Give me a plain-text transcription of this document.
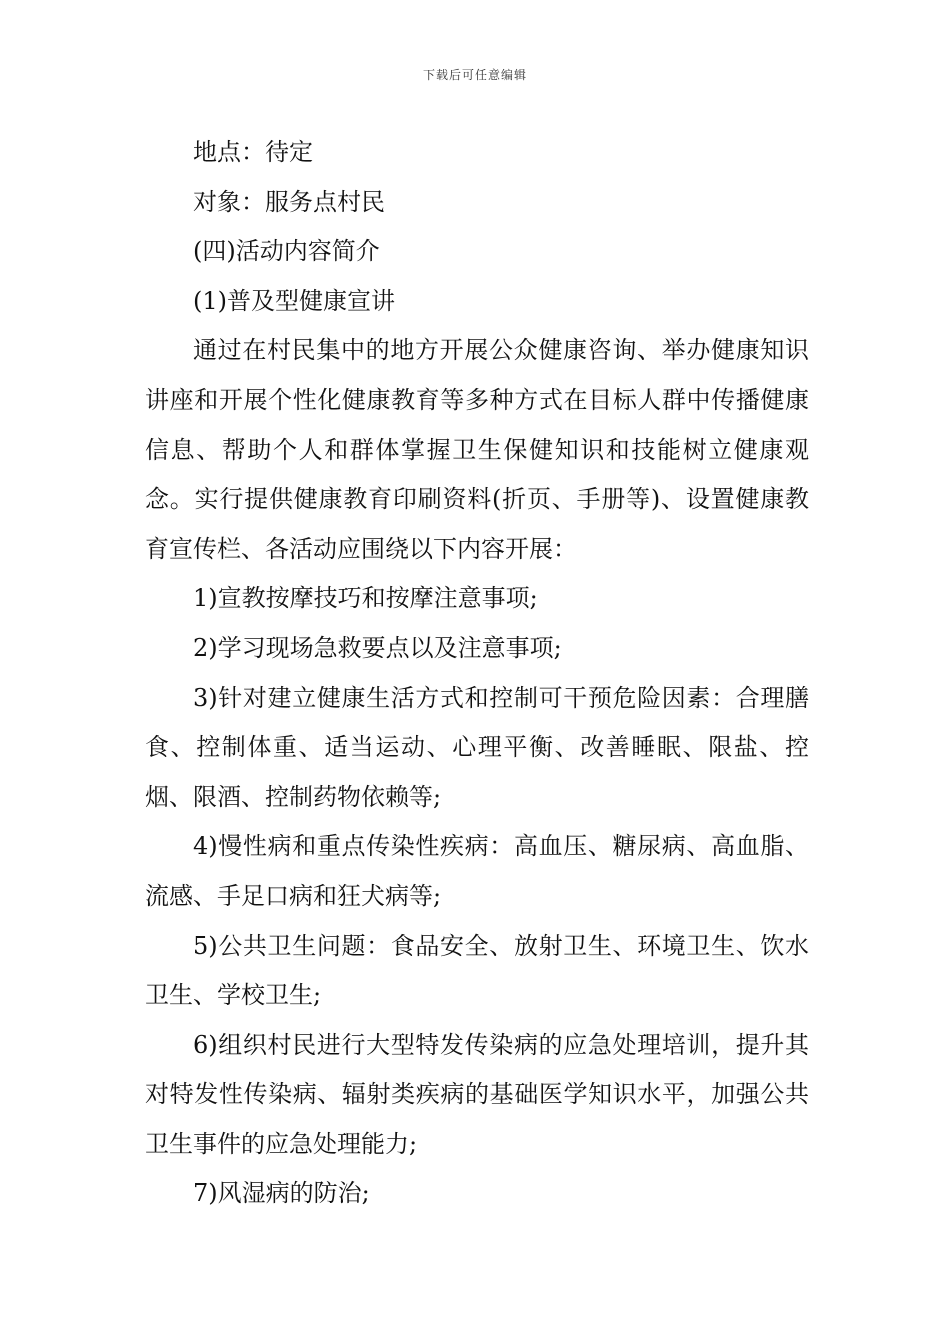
下载后可任意编辑

地点：待定

对象：服务点村民

(四)活动内容简介

(1)普及型健康宣讲

通过在村民集中的地方开展公众健康咨询、举办健康知识讲座和开展个性化健康教育等多种方式在目标人群中传播健康信息、帮助个人和群体掌握卫生保健知识和技能树立健康观念。实行提供健康教育印刷资料(折页、手册等)、设置健康教育宣传栏、各活动应围绕以下内容开展：

1)宣教按摩技巧和按摩注意事项;

2)学习现场急救要点以及注意事项;

3)针对建立健康生活方式和控制可干预危险因素：合理膳食、控制体重、适当运动、心理平衡、改善睡眠、限盐、控烟、限酒、控制药物依赖等;

4)慢性病和重点传染性疾病：高血压、糖尿病、高血脂、流感、手足口病和狂犬病等;

5)公共卫生问题：食品安全、放射卫生、环境卫生、饮水卫生、学校卫生;

6)组织村民进行大型特发传染病的应急处理培训，提升其对特发性传染病、辐射类疾病的基础医学知识水平，加强公共卫生事件的应急处理能力;

7)风湿病的防治;
